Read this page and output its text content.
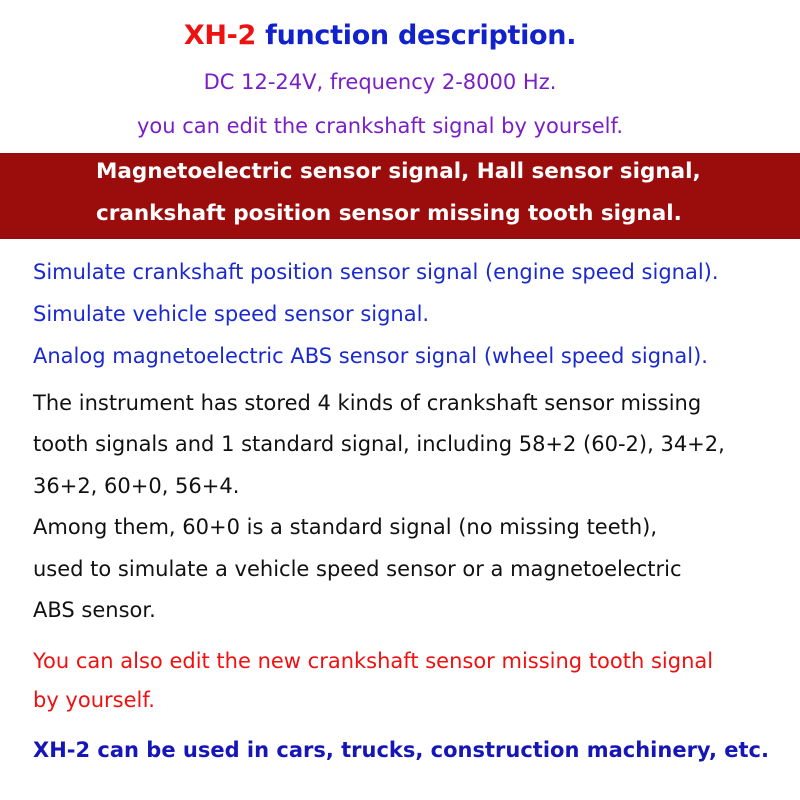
XH-2 function description.
DC 12-24V, frequency 2-8000 Hz.
you can edit the crankshaft signal by yourself.
Magnetoelectric sensor signal, Hall sensor signal,
crankshaft position sensor missing tooth signal.
Simulate crankshaft position sensor signal (engine speed signal).
Simulate vehicle speed sensor signal.
Analog magnetoelectric ABS sensor signal (wheel speed signal).
The instrument has stored 4 kinds of crankshaft sensor missing
tooth signals and 1 standard signal, including 58+2 (60-2), 34+2,
36+2, 60+0, 56+4.
Among them, 60+0 is a standard signal (no missing teeth),
used to simulate a vehicle speed sensor or a magnetoelectric
ABS sensor.
You can also edit the new crankshaft sensor missing tooth signal
by yourself.
XH-2 can be used in cars, trucks, construction machinery, etc.
